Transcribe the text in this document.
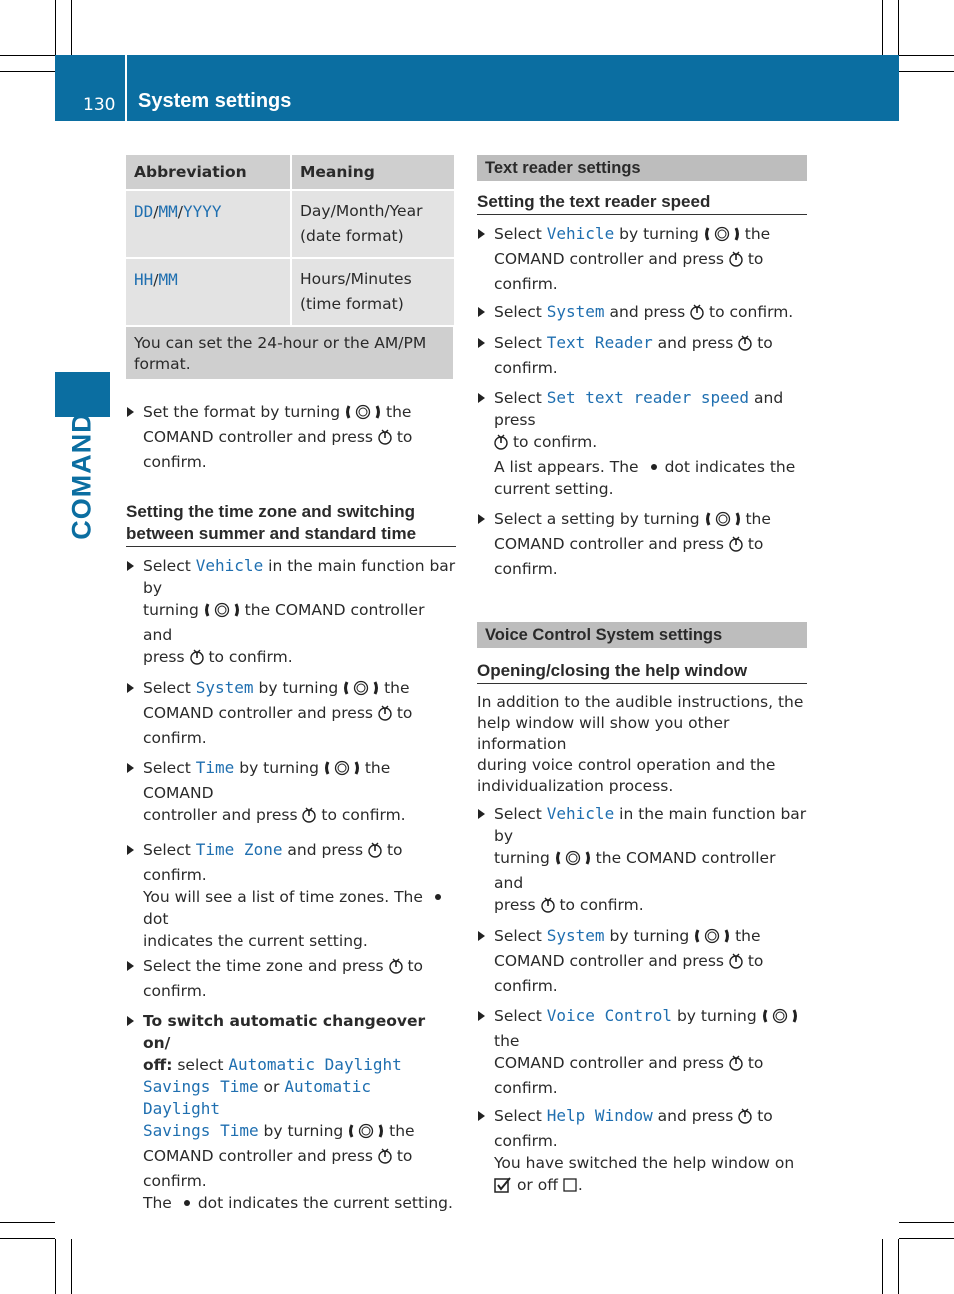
130 System settings
COMAND
Abbreviation	Meaning
DD/MM/YYYY	Day/Month/Year
(date format)
HH/MM	Hours/Minutes
(time format)
You can set the 24-hour or the AM/PM
format.	

Set the format by turning	the
COMAND controller and press to
confirm.

Setting the time zone and switching
between summer and standard time

Select Vehicle in the main function bar by
turning	the COMAND controller and
press to confirm.

Select System by turning	the
COMAND controller and press to
confirm.

Select Time by turning	the COMAND
controller and press to confirm.

Select Time Zone and press to confirm.
You will see a list of time zones. Thedot
indicates the current setting.

Select the time zone and press to
confirm.

To switch automatic changeover on/
off: select Automatic Daylight
Savings Time or Automatic Daylight
Savings Time by turning	the
COMAND controller and press to
confirm.
The dot indicates the current setting.

Text reader settings
Setting the text reader speed

Select Vehicle by turning	the
COMAND controller and press to
confirm.

Select System and press to confirm.

Select Text Reader and press to
confirm.

Select Set text reader speed and press
to confirm.
A list appears. The dot indicates the
current setting.

Select a setting by turning	the
COMAND controller and press to
confirm.

Voice Control System settings
Opening/closing the help window

In addition to the audible instructions, the
help window will show you other information
during voice control operation and the
individualization process.

Select Vehicle in the main function bar by
turning	the COMAND controller and
press to confirm.

Select System by turning	the
COMAND controller and press to
confirm.

Select Voice Control by turning  the
COMAND controller and press to
confirm.

Select Help Window and press to
confirm.
You have switched the help window on
or off .
